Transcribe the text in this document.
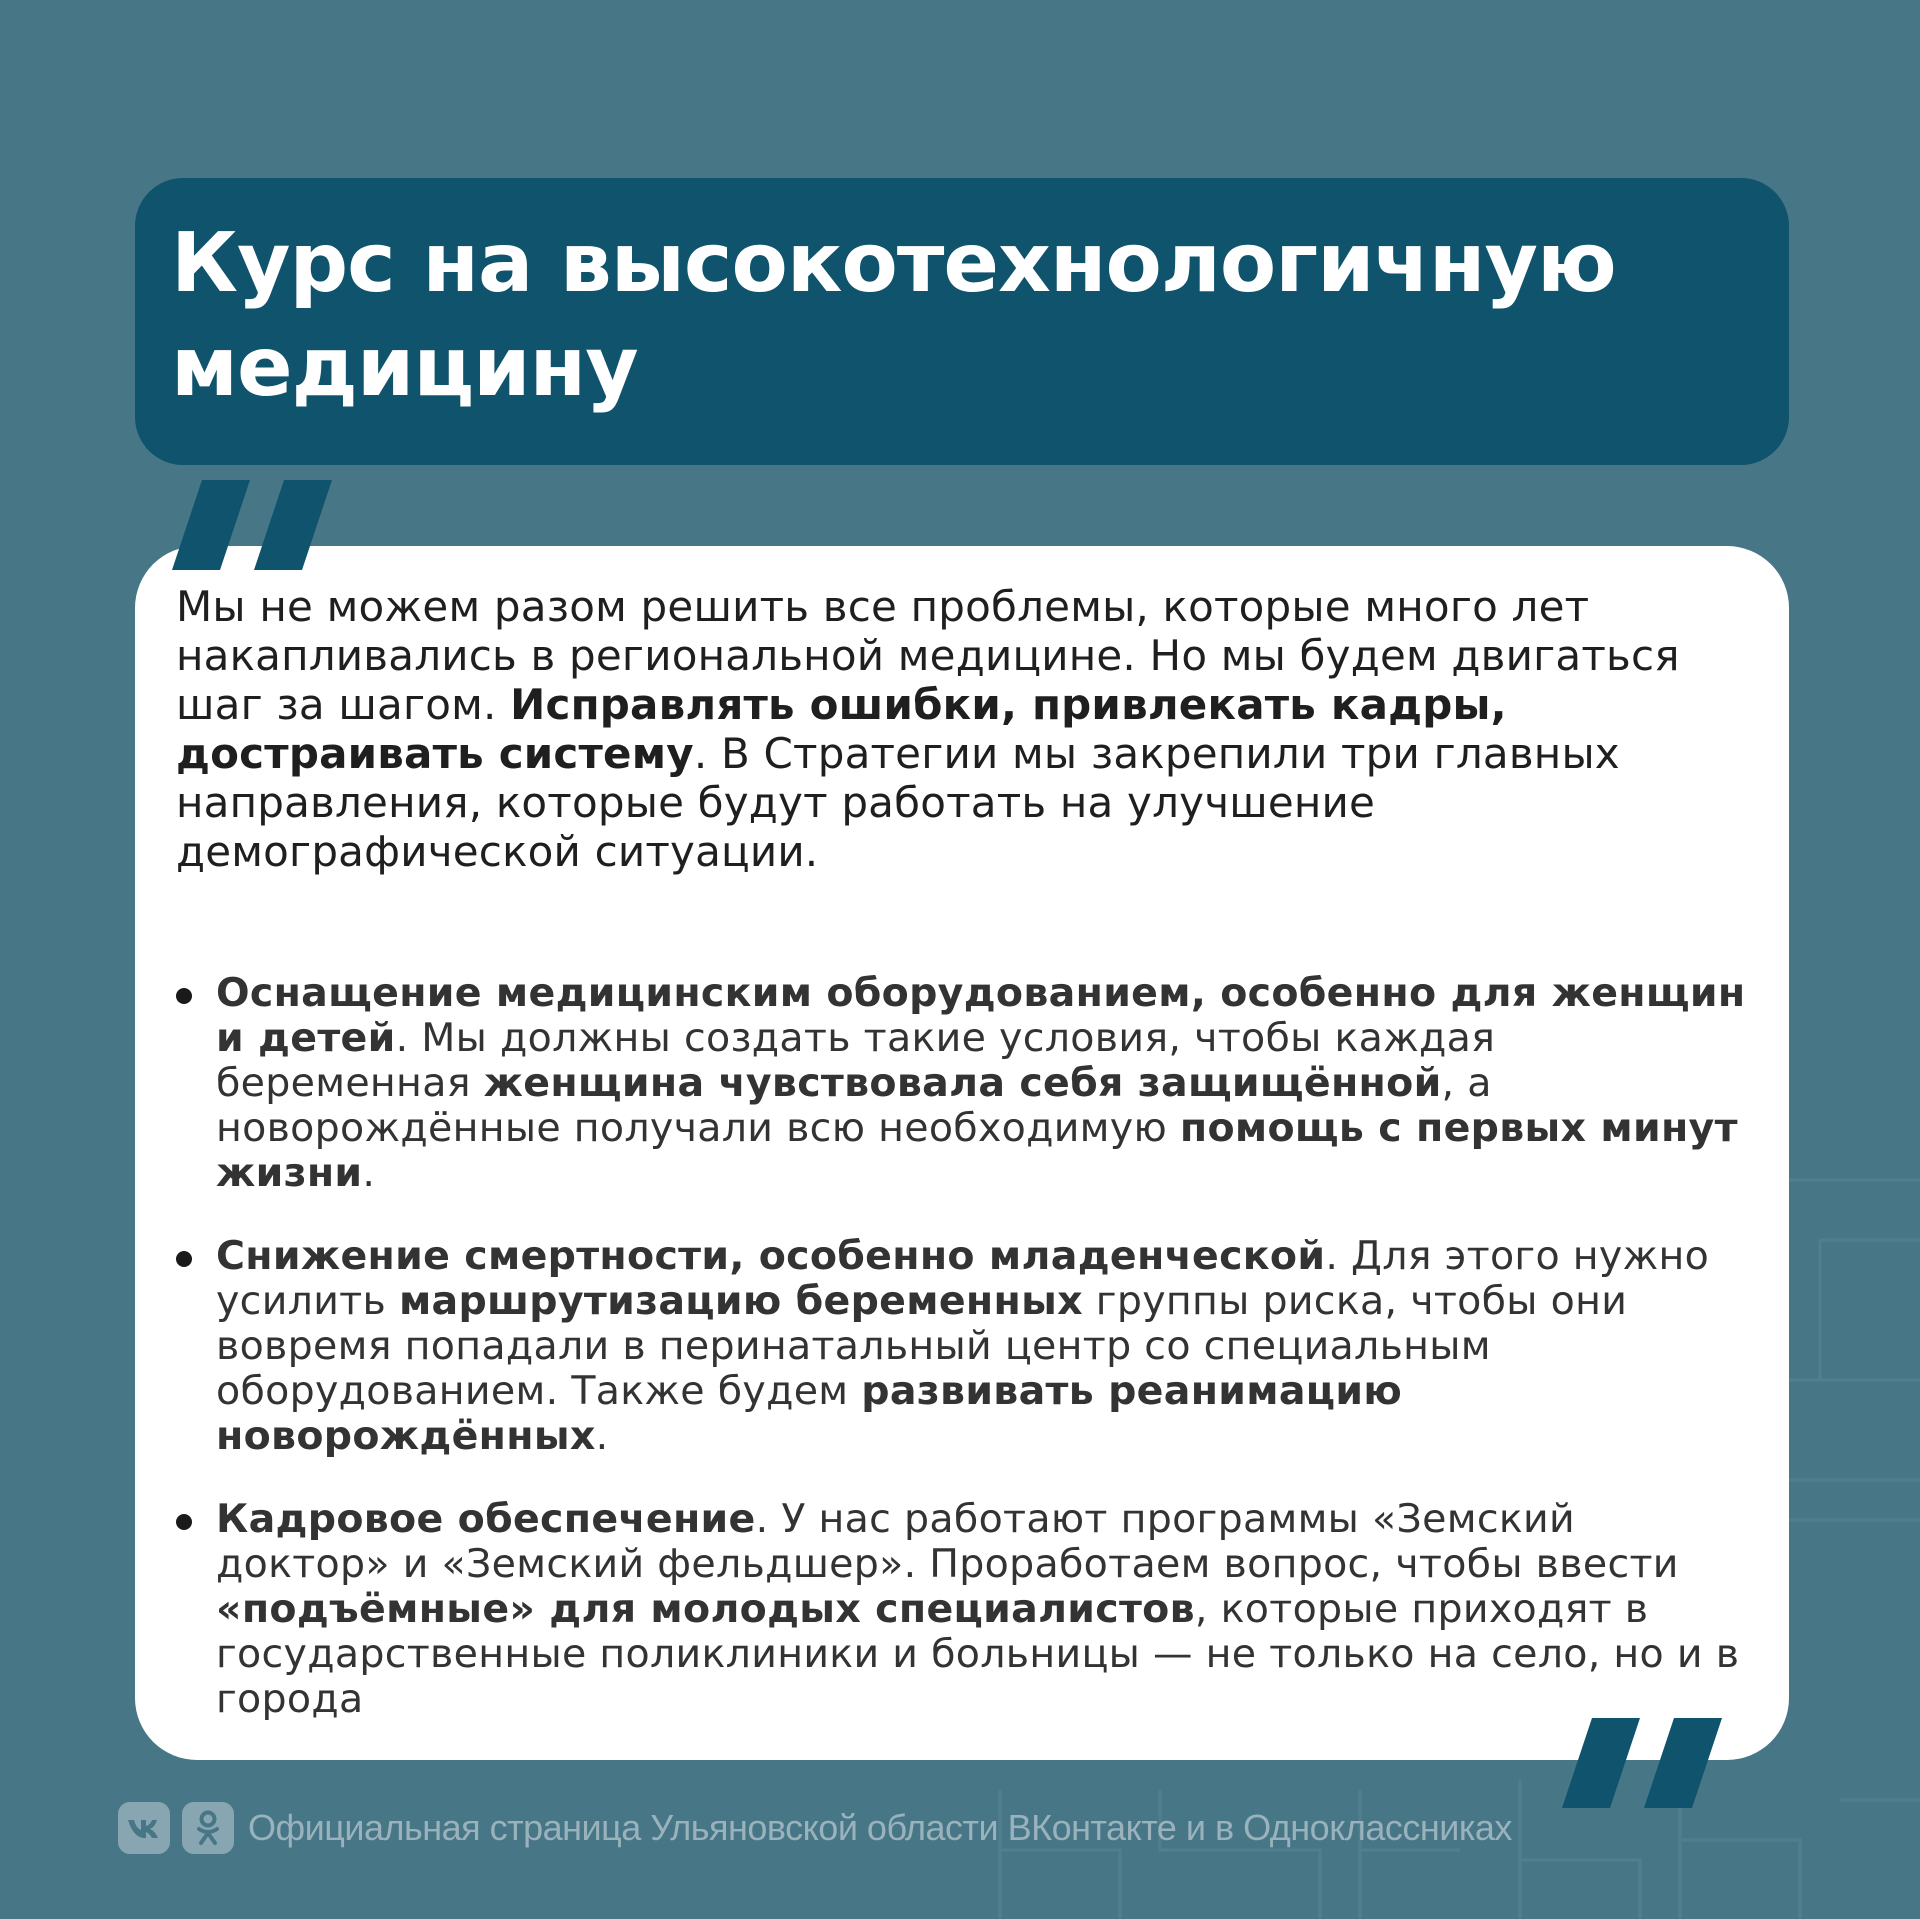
Курс на высокотехнологичную
медицину

Мы не можем разом решить все проблемы, которые много лет накапливались в региональной медицине. Но мы будем двигаться шаг за шагом. Исправлять ошибки, привлекать кадры, достраивать систему. В Стратегии мы закрепили три главных направления, которые будут работать на улучшение демографической ситуации.

Оснащение медицинским оборудованием, особенно для женщин и детей. Мы должны создать такие условия, чтобы каждая беременная женщина чувствовала себя защищённой, а новорождённые получали всю необходимую помощь с первых минут жизни.
Снижение смертности, особенно младенческой. Для этого нужно усилить маршрутизацию беременных группы риска, чтобы они вовремя попадали в перинатальный центр со специальным оборудованием. Также будем развивать реанимацию новорождённых.
Кадровое обеспечение. У нас работают программы «Земский доктор» и «Земский фельдшер». Проработаем вопрос, чтобы ввести «подъёмные» для молодых специалистов, которые приходят в государственные поликлиники и больницы — не только на село, но и в города
Официальная страница Ульяновской области ВКонтакте и в Одноклассниках
